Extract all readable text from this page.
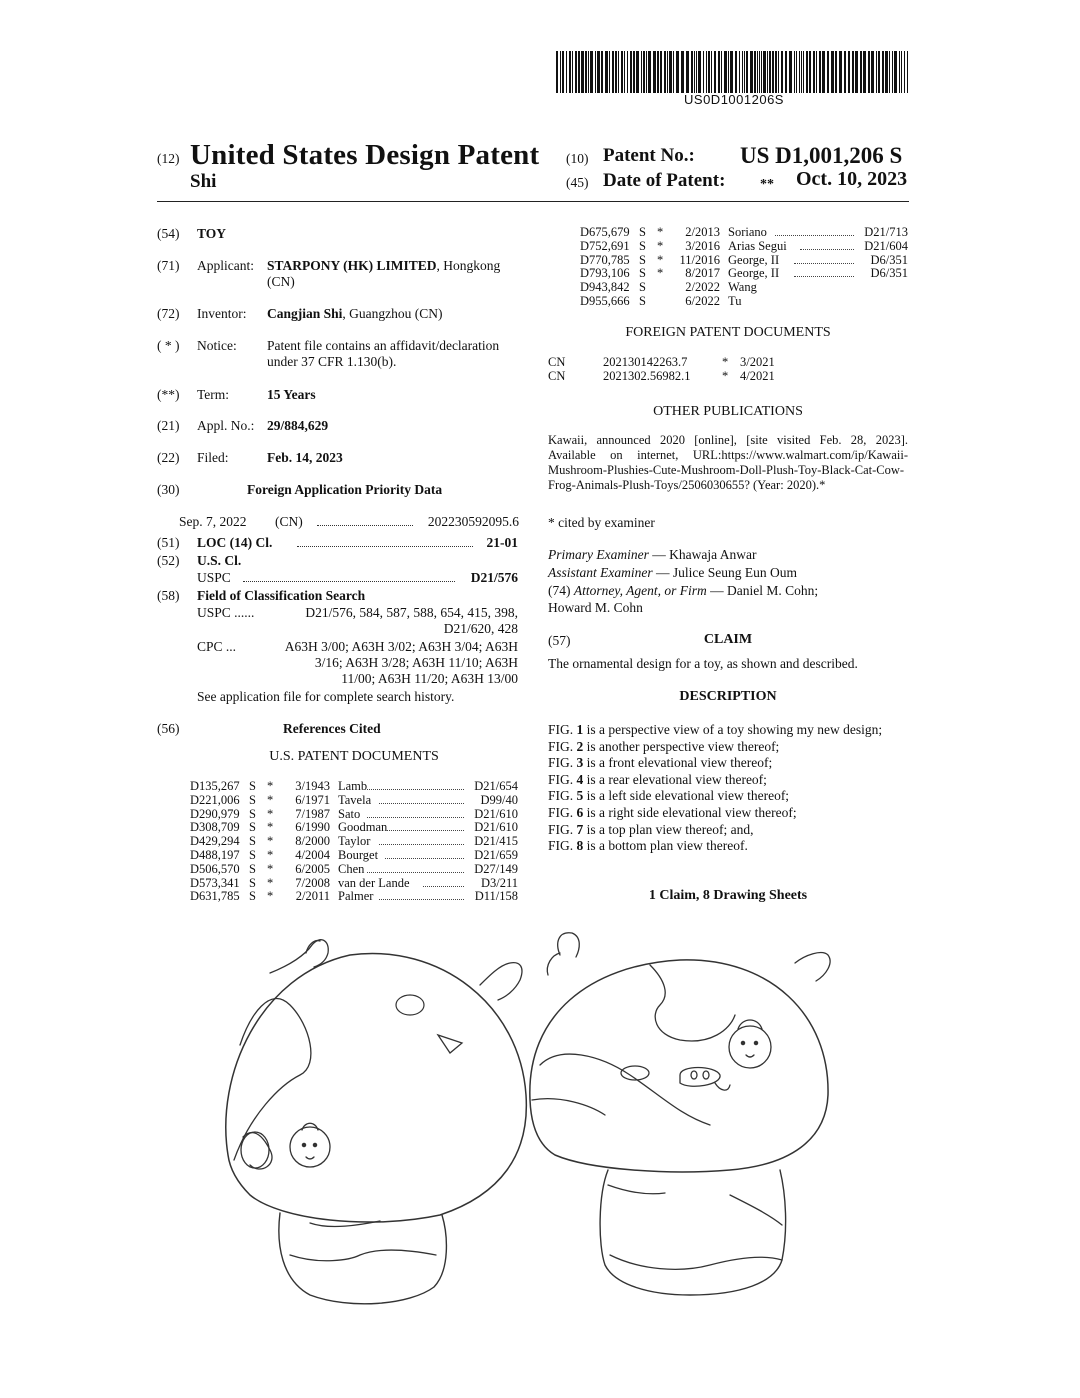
US0D1001206S
(12) United States Design Patent
Shi
(10) Patent No.: US D1,001,206 S
(45) Date of Patent: ** Oct. 10, 2023
(54) TOY
(71) Applicant: STARPONY (HK) LIMITED, Hongkong (CN)
(72) Inventor: Cangjian Shi, Guangzhou (CN)
( * ) Notice: Patent file contains an affidavit/declaration under 37 CFR 1.130(b).
(**) Term:	15 Years
(21) Appl. No.: 29/884,629
(22) Filed:	Feb. 14, 2023
(30)	Foreign Application Priority Data
Sep. 7, 2022 (CN)	202230592095.6
(51) LOC (14) Cl.	21-01
(52) U.S. Cl.
USPC	D21/576
(58) Field of Classification Search
USPC ......	D21/576, 584, 587, 588, 654, 415, 398,
D21/620, 428
CPC ...	A63H 3/00; A63H 3/02; A63H 3/04; A63H
3/16; A63H 3/28; A63H 11/10; A63H
11/00; A63H 11/20; A63H 13/00
See application file for complete search history.
(56)	References Cited
U.S. PATENT DOCUMENTS
D135,267 S *	3/1943 Lamb	D21/654
D221,006 S *	6/1971 Tavela	D99/40
D290,979 S *	7/1987 Sato	D21/610
D308,709 S *	6/1990 Goodman	D21/610
D429,294 S *	8/2000 Taylor	D21/415
D488,197 S *	4/2004 Bourget	D21/659
D506,570 S *	6/2005 Chen	D27/149
D573,341 S *	7/2008 van der Lande	D3/211
D631,785 S *	2/2011 Palmer	D11/158
D675,679 S *	2/2013 Soriano	D21/713
D752,691 S *	3/2016 Arias Segui	D21/604
D770,785 S * 11/2016 George, II	D6/351
D793,106 S *	8/2017 George, II	D6/351
D943,842 S	2/2022 Wang
D955,666 S	6/2022 Tu
FOREIGN PATENT DOCUMENTS
CN	202130142263.7	* 3/2021
CN	2021302.56982.1	* 4/2021
OTHER PUBLICATIONS
Kawaii, announced 2020 [online], [site visited Feb. 28, 2023]. Available on internet, URL:https://www.walmart.com/ip/Kawaii-Mushroom-Plushies-Cute-Mushroom-Doll-Plush-Toy-Black-Cat-Cow-Frog-Animals-Plush-Toys/2506030655? (Year: 2020).*
* cited by examiner
Primary Examiner — Khawaja Anwar
Assistant Examiner — Julice Seung Eun Oum
(74) Attorney, Agent, or Firm — Daniel M. Cohn;
Howard M. Cohn
(57)	CLAIM
The ornamental design for a toy, as shown and described.
DESCRIPTION
FIG. 1 is a perspective view of a toy showing my new design;
FIG. 2 is another perspective view thereof;
FIG. 3 is a front elevational view thereof;
FIG. 4 is a rear elevational view thereof;
FIG. 5 is a left side elevational view thereof;
FIG. 6 is a right side elevational view thereof;
FIG. 7 is a top plan view thereof; and,
FIG. 8 is a bottom plan view thereof.
1 Claim, 8 Drawing Sheets
